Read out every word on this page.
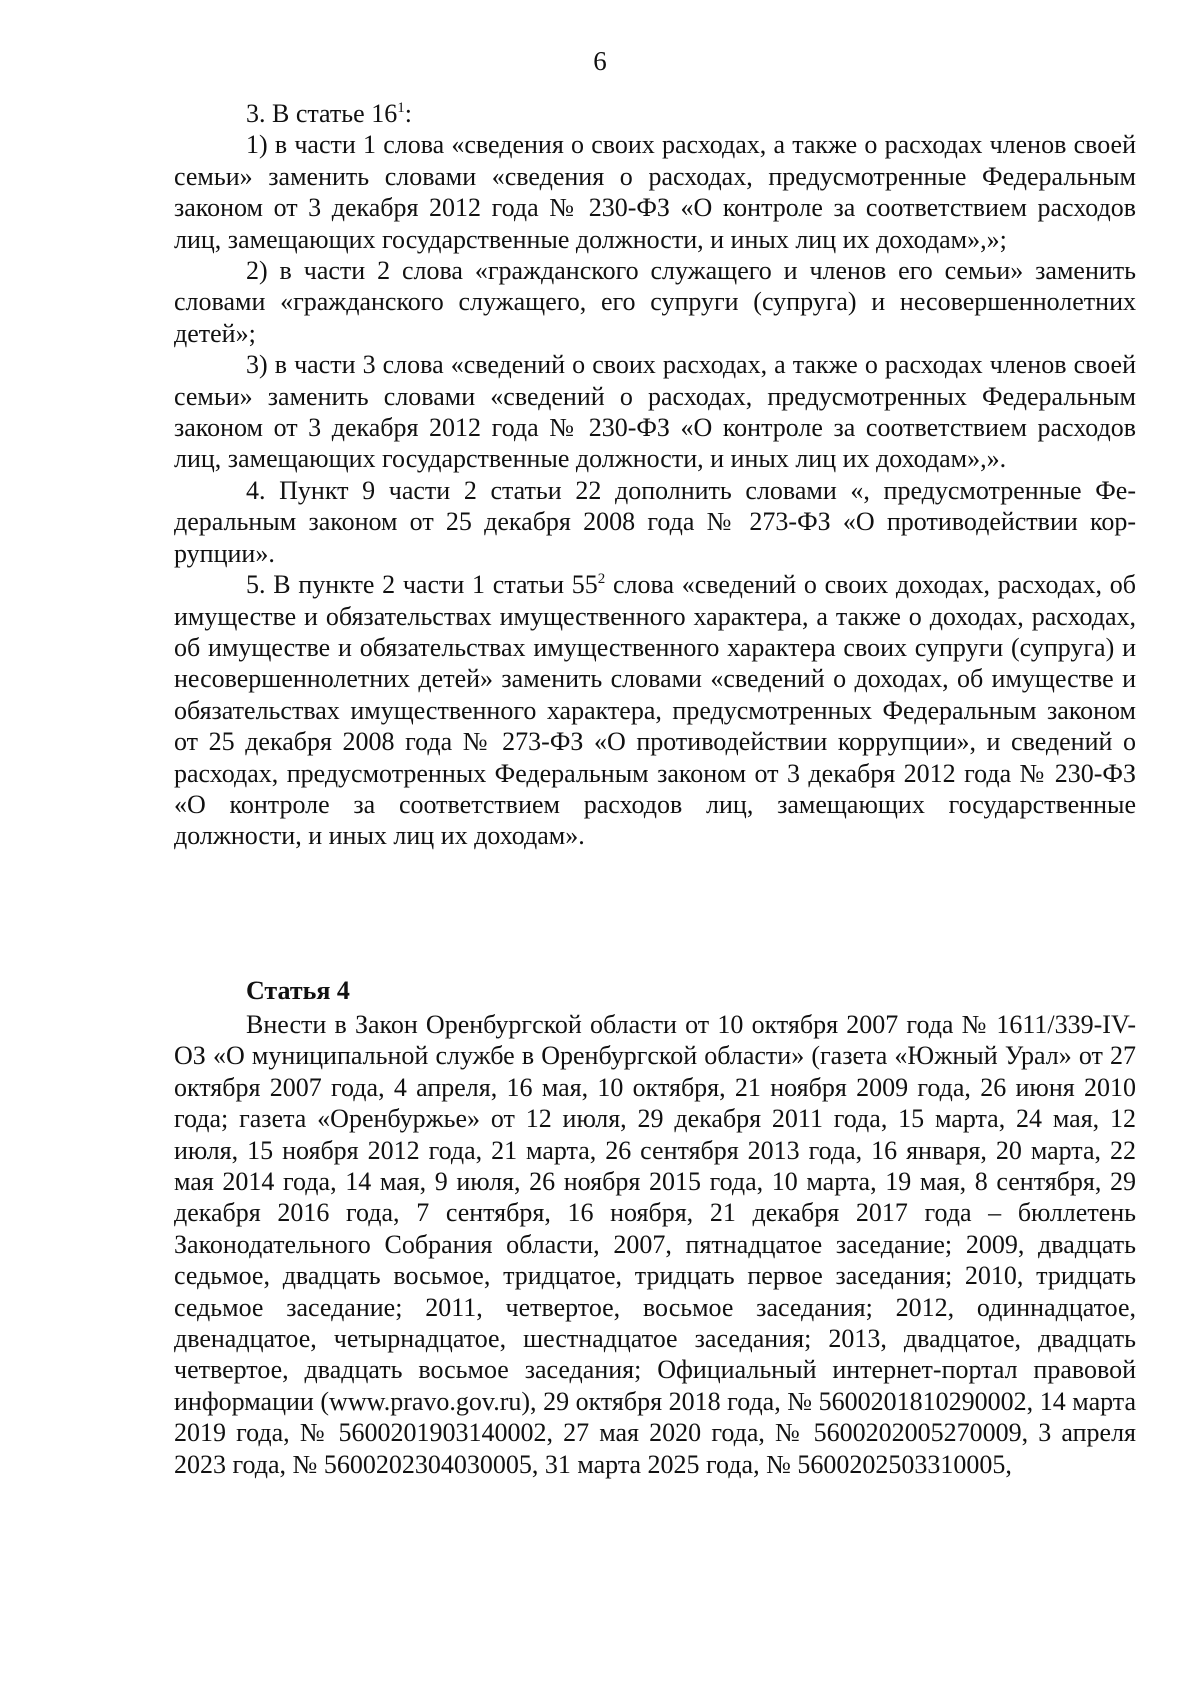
6

3. В статье $16^1$:

1) в части 1 слова «сведения о своих расходах, а также о расходах членов своей семьи» заменить словами «сведения о расходах, предусмотренные Федеральным законом от 3 декабря 2012 года № 230-ФЗ «О контроле за соответствием расходов лиц, замещающих государственные должности, и иных лиц их доходам»,»;

2) в части 2 слова «гражданского служащего и членов его семьи» заменить словами «гражданского служащего, его супруги (супруга) и несовершеннолетних детей»;

3) в части 3 слова «сведений о своих расходах, а также о расходах членов своей семьи» заменить словами «сведений о расходах, предусмотренных Федеральным законом от 3 декабря 2012 года № 230-ФЗ «О контроле за соответствием расходов лиц, замещающих государственные должности, и иных лиц их доходам»,».

4. Пункт 9 части 2 статьи 22 дополнить словами «, предусмотренные Федеральным законом от 25 декабря 2008 года № 273-ФЗ «О противодействии коррупции».

5. В пункте 2 части 1 статьи $55^2$ слова «сведений о своих доходах, расходах, об имуществе и обязательствах имущественного характера, а также о доходах, расходах, об имуществе и обязательствах имущественного характера своих супруги (супруга) и несовершеннолетних детей» заменить словами «сведений о доходах, об имуществе и обязательствах имущественного характера, предусмотренных Федеральным законом от 25 декабря 2008 года № 273-ФЗ «О противодействии коррупции», и сведений о расходах, предусмотренных Федеральным законом от 3 декабря 2012 года № 230-ФЗ «О контроле за соответствием расходов лиц, замещающих государственные должности, и иных лиц их доходам».

Статья 4

Внести в Закон Оренбургской области от 10 октября 2007 года № 1611/339-IV-ОЗ «О муниципальной службе в Оренбургской области» (газета «Южный Урал» от 27 октября 2007 года, 4 апреля, 16 мая, 10 октября, 21 ноября 2009 года, 26 июня 2010 года; газета «Оренбуржье» от 12 июля, 29 декабря 2011 года, 15 марта, 24 мая, 12 июля, 15 ноября 2012 года, 21 марта, 26 сентября 2013 года, 16 января, 20 марта, 22 мая 2014 года, 14 мая, 9 июля, 26 ноября 2015 года, 10 марта, 19 мая, 8 сентября, 29 декабря 2016 года, 7 сентября, 16 ноября, 21 декабря 2017 года – бюллетень Законодательного Собрания области, 2007, пятнадцатое заседание; 2009, двадцать седьмое, двадцать восьмое, тридцатое, тридцать первое заседания; 2010, тридцать седьмое заседание; 2011, четвертое, восьмое заседания; 2012, одиннадцатое, двенадцатое, четырнадцатое, шестнадцатое заседания; 2013, двадцатое, двадцать четвертое, двадцать восьмое заседания; Официальный интернет-портал правовой информации (www.pravo.gov.ru), 29 октября 2018 года, № 5600201810290002, 14 марта 2019 года, № 5600201903140002, 27 мая 2020 года, № 5600202005270009, 3 апреля 2023 года, № 5600202304030005, 31 марта 2025 года, № 5600202503310005,
